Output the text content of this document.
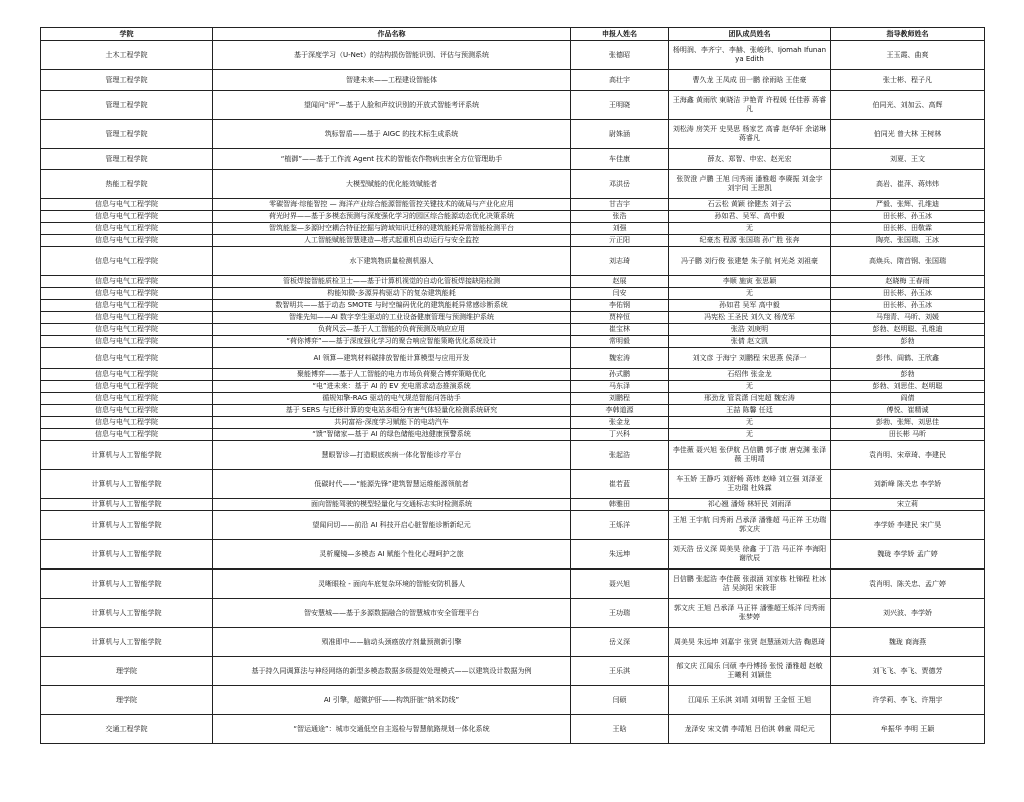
学院	作品名称	申报人姓名	团队成员姓名	指导教师姓名
土木工程学院	基于深度学习（U-Net）的结构损伤智能识别、评估与预测系统	张德昭	杨明润、李齐宁、李赫、张峻玮、Ijomah Ifunanya Edith	王玉霞、曲爽
管理工程学院	智建未来——工程建设智能体	高壮宇	曹久龙 王凤成 田一鹏 徐雨晗 王佳豪	张士彬、程子凡
管理工程学院	望闻问“评”—基于人脸和声纹识别的开放式智能考评系统	王明晓	王海鑫 黄雨欣 東晓洁 尹艳青 许程媛 任佳蓉 蒋睿凡	伯同光、刘加云、高辉
管理工程学院	筑标智盾——基于 AIGC 的技术标生成系统	尉姝涵	刘松涛 房笑开 史昊思 杨家艺 高睿 赵华轩 余诺琳 蒋睿凡	伯同光 曾大林 王树林
管理工程学院	“植御”——基于工作流 Agent 技术的智能农作物病虫害全方位管理助手	车佳康	薛友、郑智、申宏、赵光宏	刘夏、王文
热能工程学院	大模型赋能的优化能效赋能者	邓洪岳	张贺澄 卢鹏 王旭 闫秀雨 潘雅超 李赓振 刘金宇 刘宇闰 王思凯	高岩、崔萍、蒋炜炜
信息与电气工程学院	零碳智海·综能智控 — 海洋产业综合能源智能管控关键技术的破局与产业化应用	甘吉宇	石云松 黄颖 徐健杰 刘子云	严毅、张辉、孔维迪
信息与电气工程学院	荷光时界——基于多模态预测与深度强化学习的园区综合能源动态优化决策系统	张浩	孙如君、吴军、高中毅	田长彬、孙玉冰
信息与电气工程学院	智筑能鉴—多源时空耦合特征挖掘与跨域知识迁移的建筑能耗异常智能检测平台	刘强	无	田长彬、田敬霖
信息与电气工程学院	人工智能赋能智慧建造—塔式起重机自动运行与安全监控	亓正阳	纪豪杰 程源 张国瑞 孙广胜 张奔	陶亮、张国瑞、王冰
信息与电气工程学院	水下建筑物质量检测机器人	刘志琦	冯子鹏 刘行俊 张建楚 朱子航 何光尧 刘祖豪	高焕兵、隋首钢、张国瑞
信息与电气工程学院	管板焊接智能质检卫士——基于计算机视觉的自动化管板焊接缺陷检测	赵展	李顺 施寅 张思颖	赵晓梅 王春雨
信息与电气工程学院	构能知微-多源异构驱动下的复杂建筑能耗	闫安	无	田长彬、孙玉冰
信息与电气工程学院	数智明共——基于动态 SMOTE 与时空编码优化的建筑能耗异常感诊断系统	李佑钢	孙如君 吴军 高中毅	田长彬、孙玉冰
信息与电气工程学院	智维先知——AI 数字孪生驱动的工业设备健康管理与预测维护系统	贾梓恒	冯宪松 王圣民 刘久文 杨茂军	马翔青、马昕、刘媛
信息与电气工程学院	负荷风云—基于人工智能的负荷预测及响应应用	崔宝林	张浩 刘庚明	彭勃、赵明聪、孔维迪
信息与电气工程学院	“荷你博弈”——基于深度强化学习的聚合响应智能策略优化系统设计	常明毅	张倩 赵文凯	彭勃
信息与电气工程学院	AI 领算—建筑材料碳排放智能计算模型与应用开发	魏宏涛	刘文彦 于海宁 刘鹏程 宋思燕 侯泽一	彭伟、阎鹤、王欣鑫
信息与电气工程学院	聚能博弈——基于人工智能的电力市场负荷聚合博弈策略优化	孙式鹏	石绍伟 张金龙	彭勃
信息与电气工程学院	“电”进未来：基于 AI 的 EV 充电需求动态推演系统	马东泽	无	彭勃、刘思佳、赵明聪
信息与电气工程学院	循规知擎-RAG 驱动的电气规范智能问答助手	刘鹏程	邢劲龙 管袁潇 闫宪超 魏宏涛	阎倩
信息与电气工程学院	基于 SERS 与迁移计算的变电站多组分有害气体轻量化检测系统研究	李韩道源	王喆 陈馨 任廷	傅悦、崔精诚
信息与电气工程学院	共同富裕-深度学习赋能下的电动汽车	张金龙	无	彭勃、张辉、刘思佳
信息与电气工程学院	“馈”智储家—基于 AI 的绿色储能电池健康预警系统	丁兴科	无	田长彬 马昕
计算机与人工智能学院	慧眼智诊—打造眼底疾病一体化智能诊疗平台	张起浩	李佳薇 聂兴旭 张伊航 吕信鹏 郭子康 唐克渊 张泽薇 王明靖	袁肖明、宋章琦、李建民
计算机与人工智能学院	低碳时代——“能源先锋”建筑智慧运维能源领航者	崔若蓝	车玉娇 王静巧 刘舒畅 蒋炜 赵峰 刘立强 刘泽亚 王功瑞 杜姝霖	刘新峰 陈关忠 李学娇
计算机与人工智能学院	面向智能驾驶的模型轻量化与交通标志实时检测系统	韩雅田	祁心翘 潘炀 林轩民 刘雨泽	宋立莉
计算机与人工智能学院	望闻问切——前沿 AI 科技开启心脏智能诊断新纪元	王烁洋	王旭 王宇航 闫秀雨 吕承泽 潘雅超 马正祥 王功瑞 郭文庆	李学娇 李建民 宋广昊
计算机与人工智能学院	灵析魔镜—多模态 AI 赋能个性化心理呵护之旅	朱远坤	刘天浩 岳义深 周美昊 徐鑫 于丁浩 马正祥 李海阳 谢欣辰	魏珑 李学娇 孟广婷
计算机与人工智能学院	灵晰眼检 - 面向车底复杂环境的智能安防机器人	聂兴旭	吕信鹏 张起浩 李佳薇 张淑涵 刘家栋 杜锦程 杜冰洁 吴滨阳 宋筱菲	袁肖明、陈关忠、孟广婷
计算机与人工智能学院	智安慧城——基于多源数据融合的智慧城市安全管理平台	王功瑞	郭文庆 王旭 吕承泽 马正祥 潘雅超王烁洋 闫秀雨 张梦婷	刘兴波、李学娇
计算机与人工智能学院	殒准即中——脑动头颈癌放疗剂量预测新引擎	岳义深	周美昊 朱远坤 刘嘉宇 张贤 赵慧涵刘大浩 鞠恩琦	魏珑 商海燕
理学院	基于持久同调算法与神经网络的新型多模态数据多级提效处理模式——以建筑设计数据为例	王乐淇	郁文庆 江闻乐 闫硕 李丹博扬 张悦 潘雅超 赵敏 王曦利 刘颖佳	刘飞飞、李飞、贾德芳
理学院	AI 引擎，超微护肝——构筑肝脏“纳米防线”	闫硕	江闻乐 王乐淇 刘靖 刘明智 王金恒 王旭	许学莉、李飞、许翔宇
交通工程学院	“智运通途”：城市交通低空自主巡检与智慧航路规划一体化系统	王晗	龙泽安 宋文倩 李靖旭 吕伯淇 韩童 周纪元	牟振华 李明 王颖
